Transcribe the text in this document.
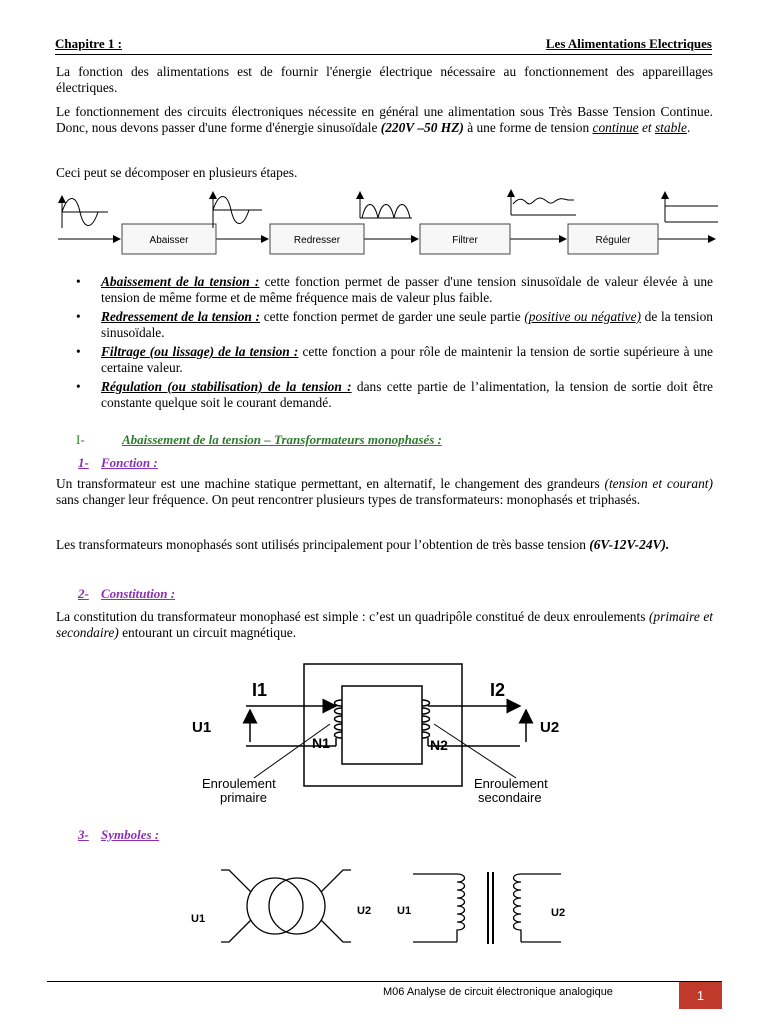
Chapitre 1 :	Les Alimentations Electriques

La fonction des alimentations est de fournir l'énergie électrique nécessaire au fonctionnement des appareillages électriques.

Le fonctionnement des circuits électroniques nécessite en général une alimentation sous Très Basse Tension Continue. Donc, nous devons passer d'une forme d'énergie sinusoïdale (220V –50 HZ) à une forme de tension continue et stable.

Ceci peut se décomposer en plusieurs étapes.

Abaisser	Redresser	Filtrer	Réguler
• Abaissement de la tension : cette fonction permet de passer d'une tension sinusoïdale de valeur élevée à une tension de même forme et de même fréquence mais de valeur plus faible.
• Redressement de la tension : cette fonction permet de garder une seule partie (positive ou négative) de la tension sinusoïdale.
• Filtrage (ou lissage) de la tension : cette fonction a pour rôle de maintenir la tension de sortie supérieure à une certaine valeur.
• Régulation (ou stabilisation) de la tension : dans cette partie de l’alimentation, la tension de sortie doit être constante quelque soit le courant demandé.
I-	Abaissement de la tension – Transformateurs monophasés :
1- Fonction :

Un transformateur est une machine statique permettant, en alternatif, le changement des grandeurs (tension et courant) sans changer leur fréquence. On peut rencontrer plusieurs types de transformateurs: monophasés et triphasés.

Les transformateurs monophasés sont utilisés principalement pour l’obtention de très basse tension (6V-12V-24V).

2- Constitution :

La constitution du transformateur monophasé est simple : c’est un quadripôle constitué de deux enroulements (primaire et secondaire) entourant un circuit magnétique.

I1	I2
U1	U2
N1	N2
Enroulement
primaire
Enroulement
secondaire
3- Symboles :
U1
U2 U1	U2
M06 Analyse de circuit électronique analogique	1
